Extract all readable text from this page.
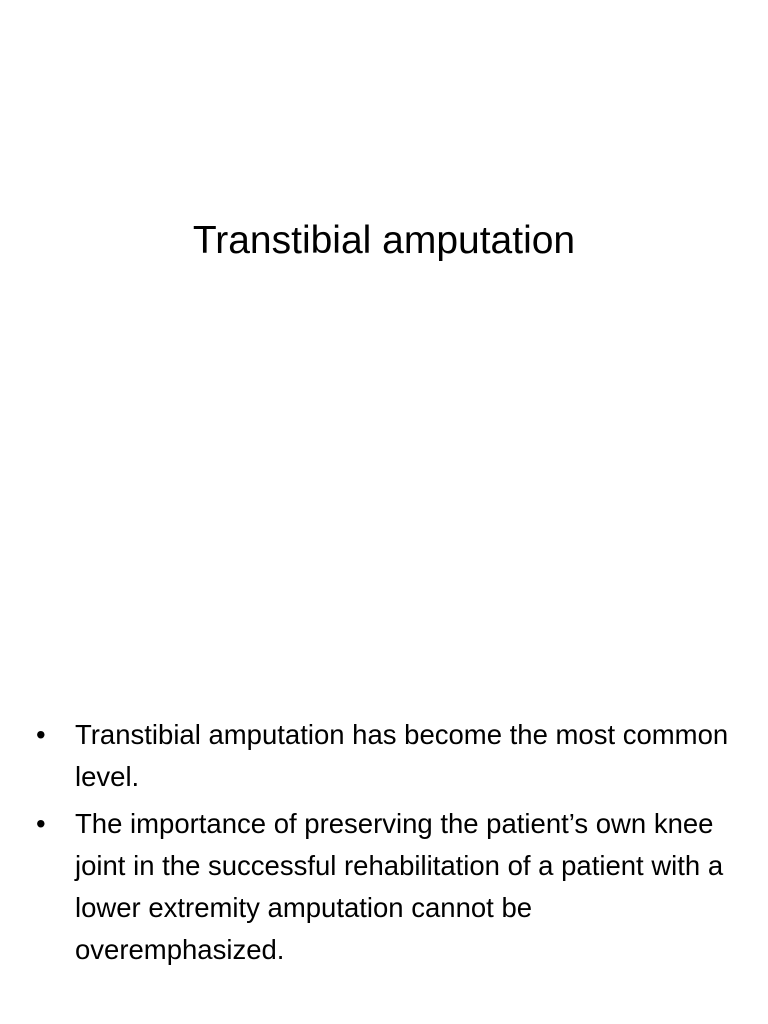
Transtibial amputation
•	Transtibial amputation has become the most common level.
•	The importance of preserving the patient’s own knee joint in the successful rehabilitation of a patient with a lower extremity amputation cannot be overemphasized.
